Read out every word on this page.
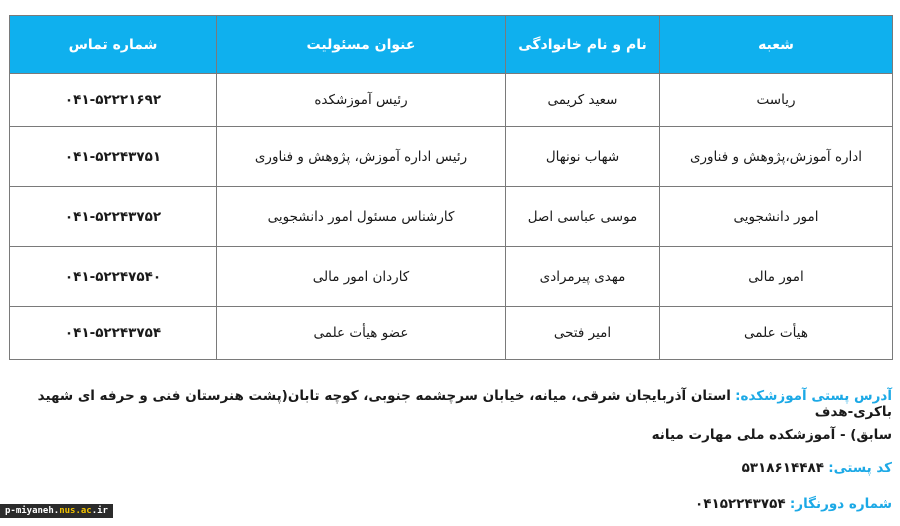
شعبه	نام و نام خانوادگی	عنوان مسئولیت	شماره تماس
ریاست	سعید کریمی	رئیس آموزشکده	۰۴۱-۵۲۲۲۱۶۹۲
اداره آموزش،پژوهش و فناوری	شهاب نونهال	رئیس اداره آموزش، پژوهش و فناوری	۰۴۱-۵۲۲۴۳۷۵۱
امور دانشجویی	موسی عباسی اصل	کارشناس مسئول امور دانشجویی	۰۴۱-۵۲۲۴۳۷۵۲
امور مالی	مهدی پیرمرادی	کاردان امور مالی	۰۴۱-۵۲۲۴۷۵۴۰
هیأت علمی	امیر فتحی	عضو هیأت علمی	۰۴۱-۵۲۲۴۳۷۵۴
آدرس پستی آموزشکده: استان آذربایجان شرقی، میانه، خیابان سرچشمه جنوبی، کوچه تابان(پشت هنرستان فنی و حرفه ای شهید باکری-هدف
سابق) - آموزشکده ملی مهارت میانه
کد پستی: ۵۳۱۸۶۱۴۴۸۴
شماره دورنگار: ۰۴۱۵۲۲۴۳۷۵۴
p-miyaneh.nus.ac.ir
